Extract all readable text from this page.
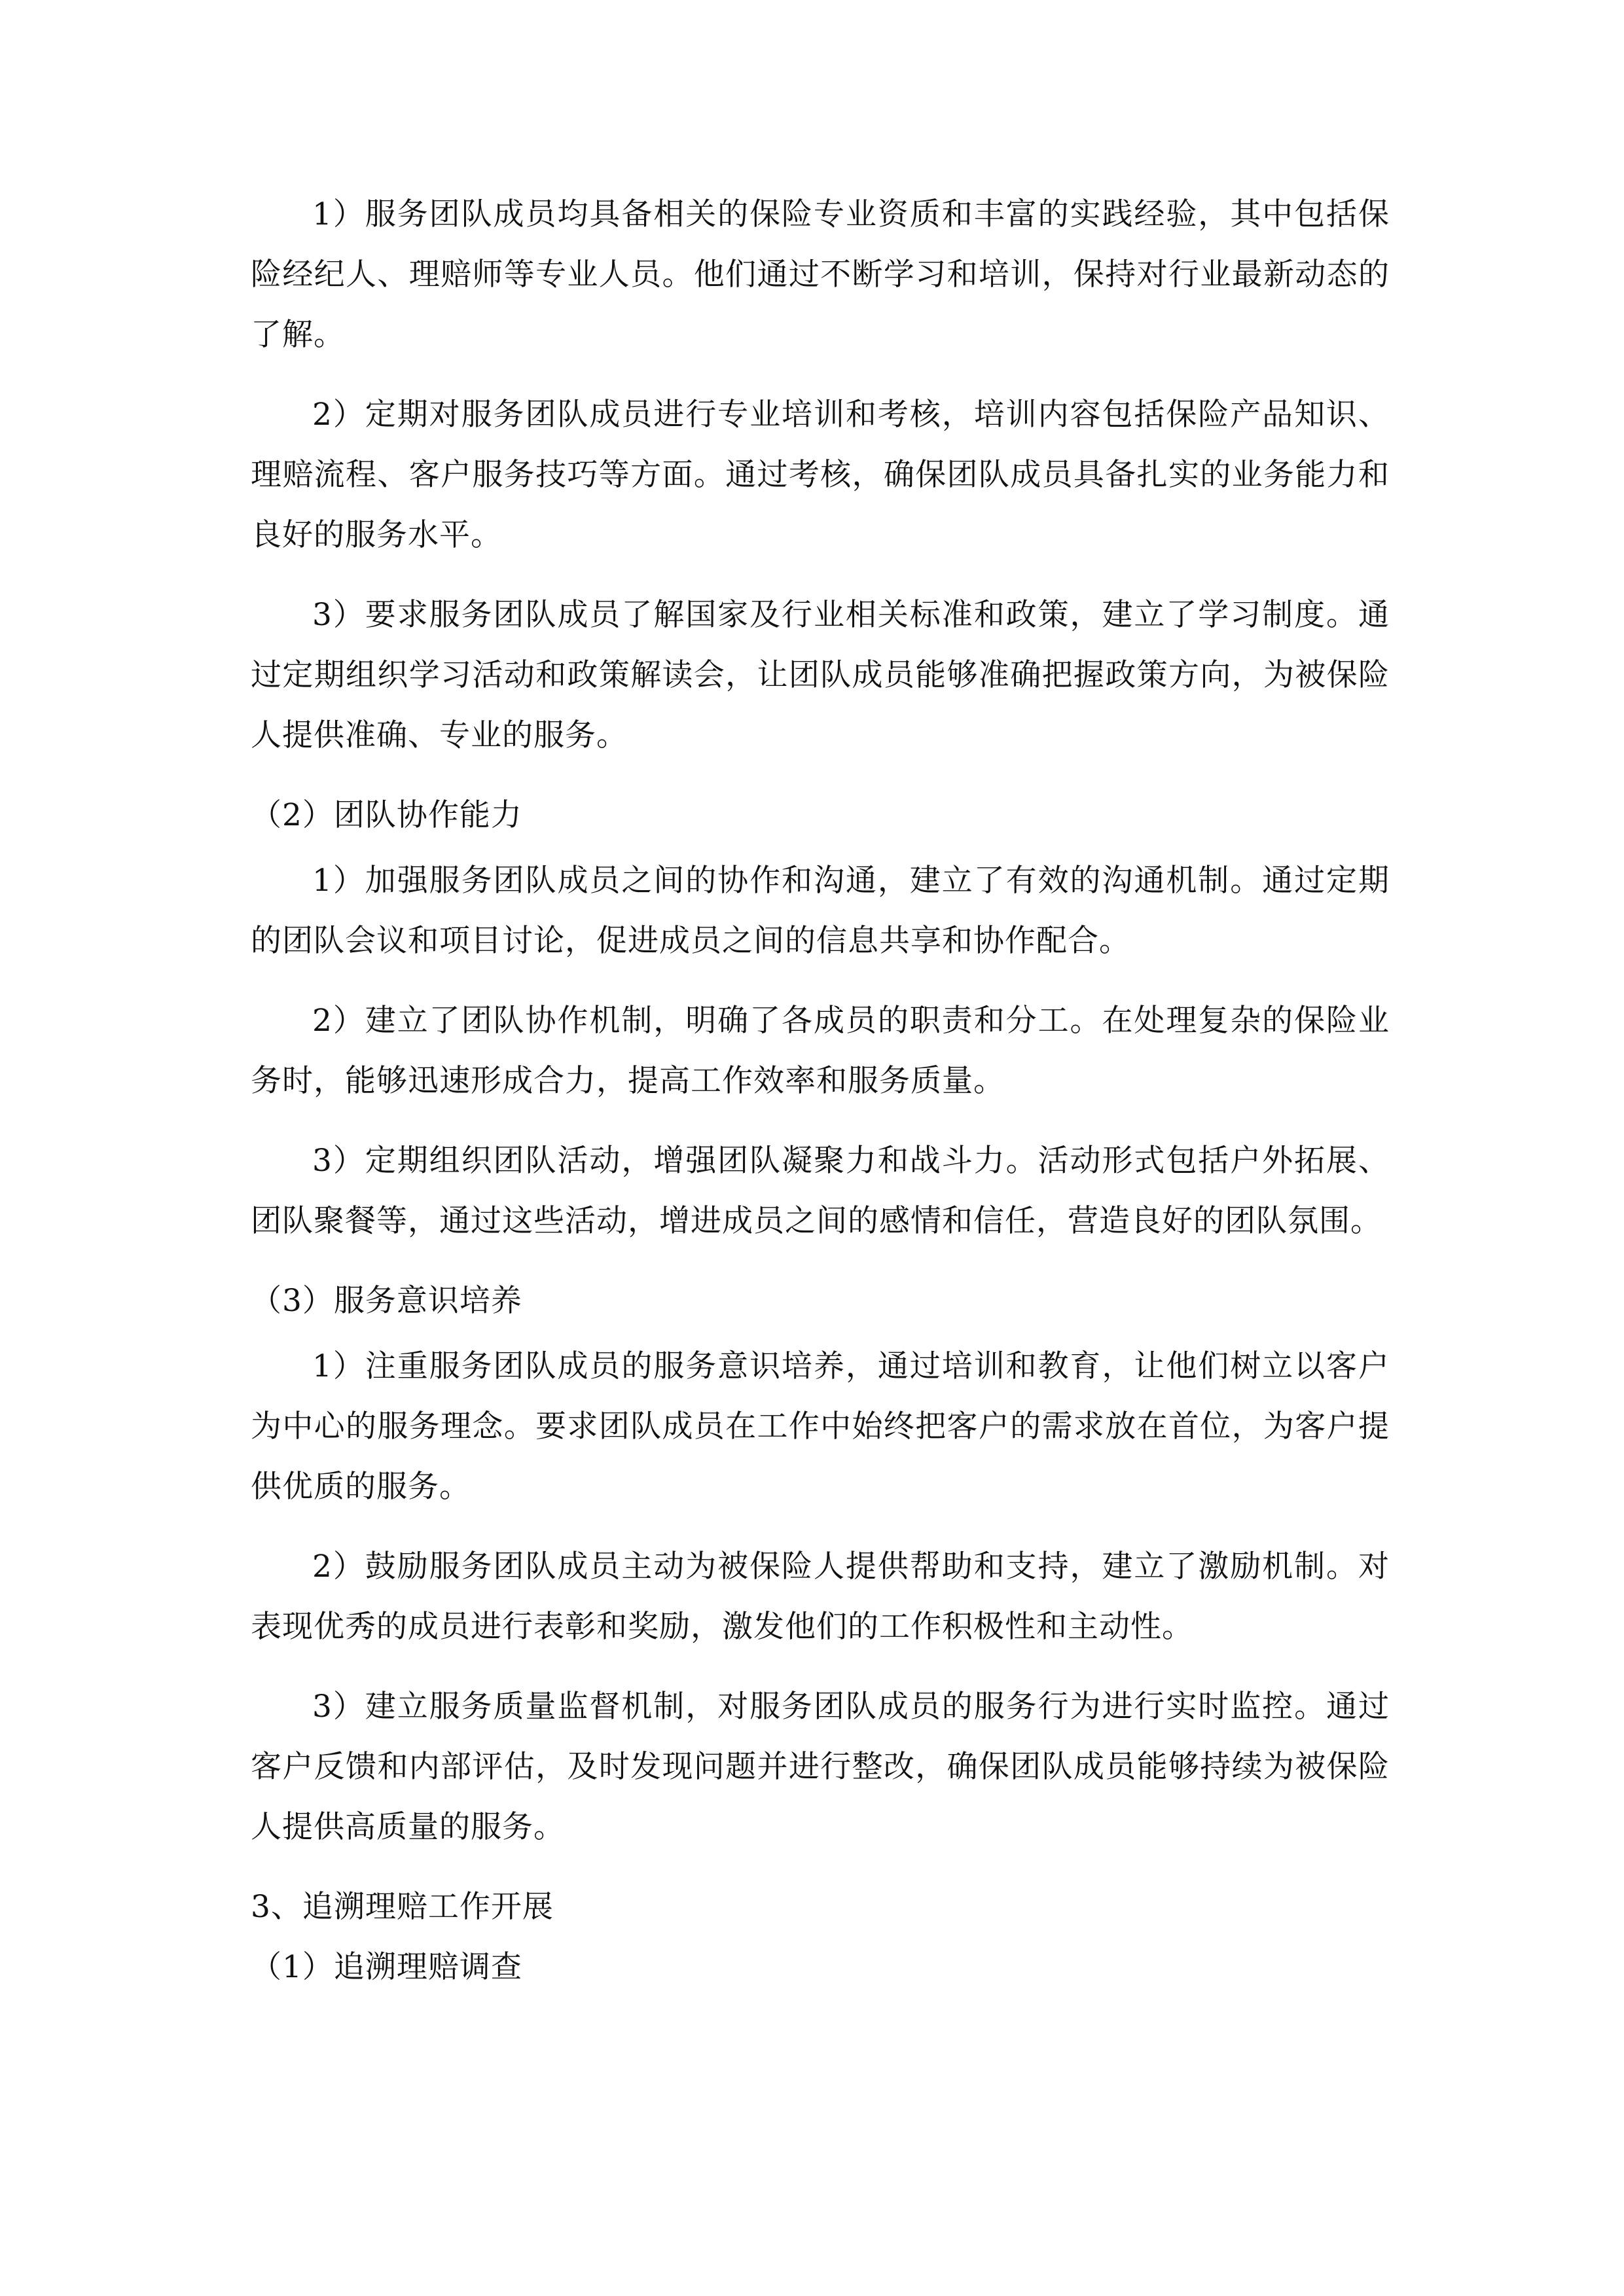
1）服务团队成员均具备相关的保险专业资质和丰富的实践经验，其中包括保险经纪人、理赔师等专业人员。他们通过不断学习和培训，保持对行业最新动态的了解。

2）定期对服务团队成员进行专业培训和考核，培训内容包括保险产品知识、理赔流程、客户服务技巧等方面。通过考核，确保团队成员具备扎实的业务能力和良好的服务水平。

3）要求服务团队成员了解国家及行业相关标准和政策，建立了学习制度。通过定期组织学习活动和政策解读会，让团队成员能够准确把握政策方向，为被保险人提供准确、专业的服务。

（2）团队协作能力

1）加强服务团队成员之间的协作和沟通，建立了有效的沟通机制。通过定期的团队会议和项目讨论，促进成员之间的信息共享和协作配合。

2）建立了团队协作机制，明确了各成员的职责和分工。在处理复杂的保险业务时，能够迅速形成合力，提高工作效率和服务质量。

3）定期组织团队活动，增强团队凝聚力和战斗力。活动形式包括户外拓展、团队聚餐等，通过这些活动，增进成员之间的感情和信任，营造良好的团队氛围。

（3）服务意识培养

1）注重服务团队成员的服务意识培养，通过培训和教育，让他们树立以客户为中心的服务理念。要求团队成员在工作中始终把客户的需求放在首位，为客户提供优质的服务。

2）鼓励服务团队成员主动为被保险人提供帮助和支持，建立了激励机制。对表现优秀的成员进行表彰和奖励，激发他们的工作积极性和主动性。

3）建立服务质量监督机制，对服务团队成员的服务行为进行实时监控。通过客户反馈和内部评估，及时发现问题并进行整改，确保团队成员能够持续为被保险人提供高质量的服务。

3、追溯理赔工作开展
（1）追溯理赔调查
